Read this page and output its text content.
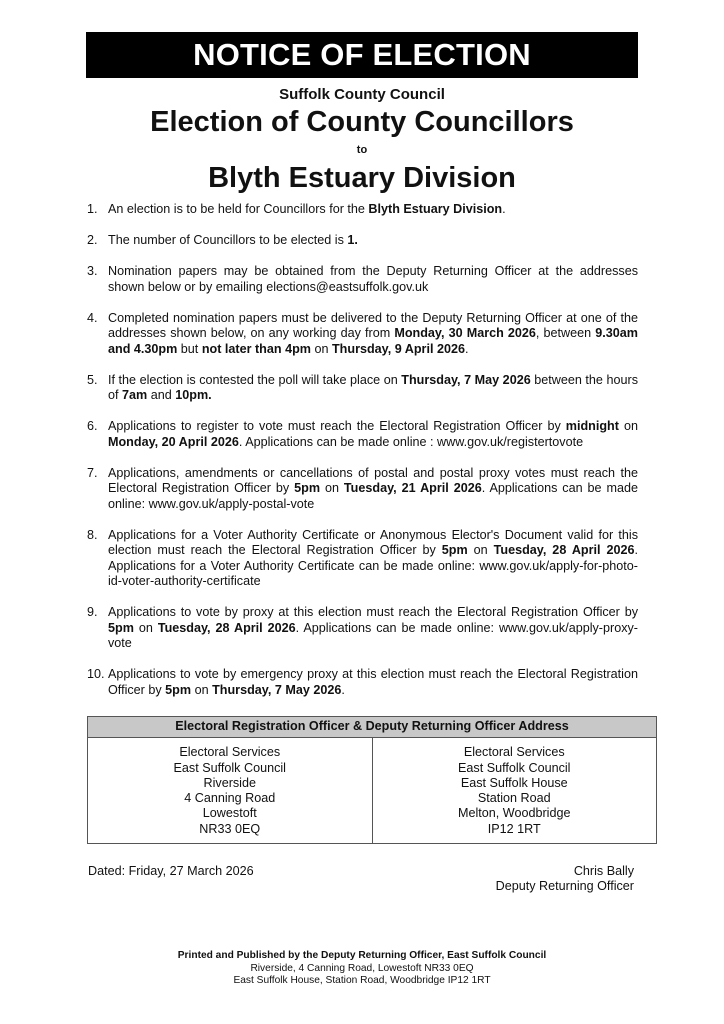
NOTICE OF ELECTION
Suffolk County Council
Election of County Councillors
to
Blyth Estuary Division
1. An election is to be held for Councillors for the Blyth Estuary Division.
2. The number of Councillors to be elected is 1.
3. Nomination papers may be obtained from the Deputy Returning Officer at the addresses shown below or by emailing elections@eastsuffolk.gov.uk
4. Completed nomination papers must be delivered to the Deputy Returning Officer at one of the addresses shown below, on any working day from Monday, 30 March 2026, between 9.30am and 4.30pm but not later than 4pm on Thursday, 9 April 2026.
5. If the election is contested the poll will take place on Thursday, 7 May 2026 between the hours of 7am and 10pm.
6. Applications to register to vote must reach the Electoral Registration Officer by midnight on Monday, 20 April 2026. Applications can be made online : www.gov.uk/registertovote
7. Applications, amendments or cancellations of postal and postal proxy votes must reach the Electoral Registration Officer by 5pm on Tuesday, 21 April 2026. Applications can be made online: www.gov.uk/apply-postal-vote
8. Applications for a Voter Authority Certificate or Anonymous Elector's Document valid for this election must reach the Electoral Registration Officer by 5pm on Tuesday, 28 April 2026. Applications for a Voter Authority Certificate can be made online: www.gov.uk/apply-for-photo-id-voter-authority-certificate
9. Applications to vote by proxy at this election must reach the Electoral Registration Officer by 5pm on Tuesday, 28 April 2026. Applications can be made online: www.gov.uk/apply-proxy-vote
10. Applications to vote by emergency proxy at this election must reach the Electoral Registration Officer by 5pm on Thursday, 7 May 2026.
Electoral Registration Officer & Deputy Returning Officer Address

Electoral Services
East Suffolk Council
Riverside
4 Canning Road
Lowestoft
NR33 0EQ

Electoral Services
East Suffolk Council
East Suffolk House
Station Road
Melton, Woodbridge
IP12 1RT
Dated: Friday, 27 March 2026	Chris Bally
Deputy Returning Officer
Printed and Published by the Deputy Returning Officer, East Suffolk Council
Riverside, 4 Canning Road, Lowestoft NR33 0EQ
East Suffolk House, Station Road, Woodbridge IP12 1RT
